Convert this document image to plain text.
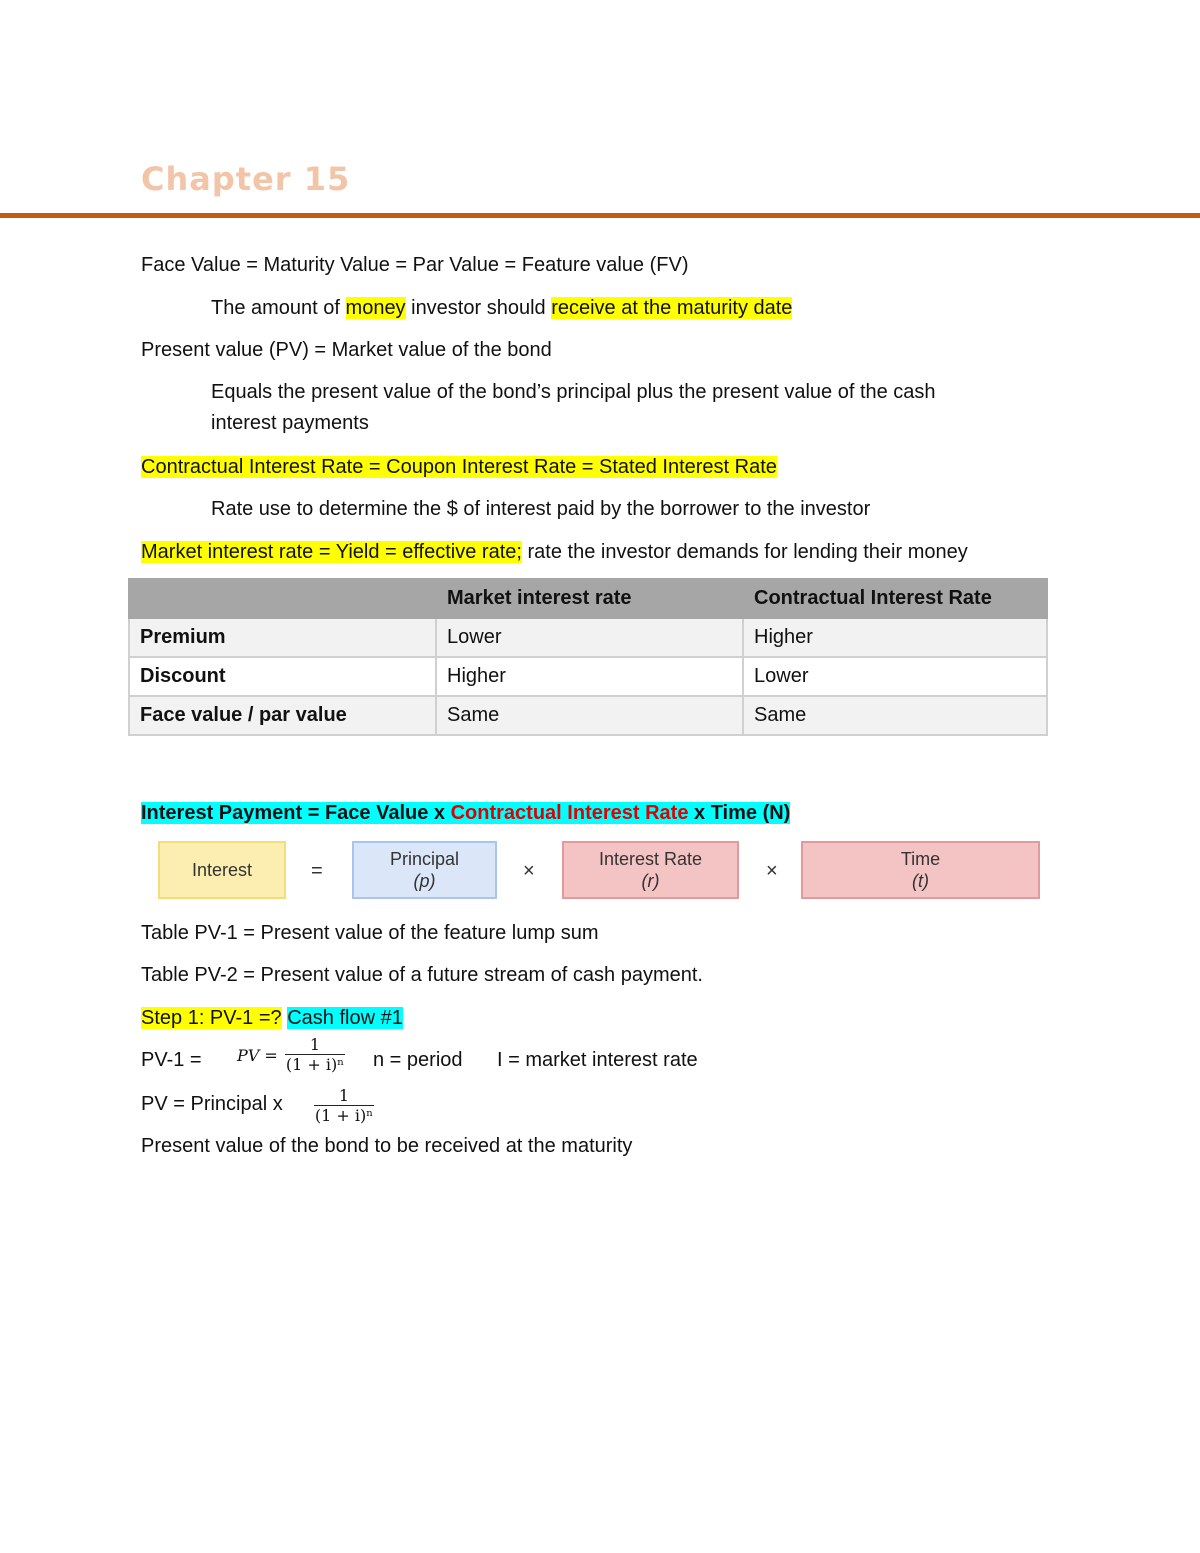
Chapter 15
Face Value = Maturity Value = Par Value = Feature value (FV)
The amount of money investor should receive at the maturity date
Present value (PV) = Market value of the bond
Equals the present value of the bond’s principal plus the present value of the cash
interest payments
Contractual Interest Rate = Coupon Interest Rate = Stated Interest Rate
Rate use to determine the $ of interest paid by the borrower to the investor
Market interest rate = Yield = effective rate; rate the investor demands for lending their money
	Market interest rate	Contractual Interest Rate
Premium	Lower	Higher
Discount	Higher	Lower
Face value / par value	Same	Same
Interest Payment = Face Value x Contractual Interest Rate x Time (N)
Interest	=
Principal
(p)	×
Interest Rate
(r)	×
Time
(t)
Table PV-1 = Present value of the feature lump sum
Table PV-2 = Present value of a future stream of cash payment.
Step 1: PV-1 =? Cash flow #1
PV-1 = PV = $\frac{1}{\text{(1 + i)ⁿ}}$ n = period I = market interest rate
PV = Principal x $\frac{1}{\text{(1 + i)ⁿ}}$
Present value of the bond to be received at the maturity
